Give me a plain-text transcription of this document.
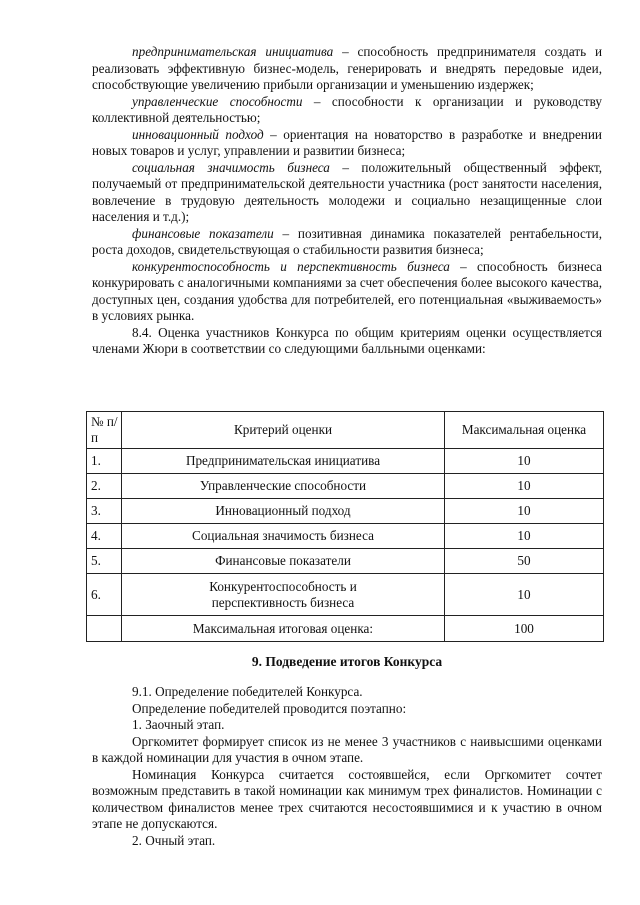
предпринимательская инициатива – способность предпринимателя создать и реализовать эффективную бизнес-модель, генерировать и внедрять передовые идеи, способствующие увеличению прибыли организации и уменьшению издержек;

управленческие способности – способности к организации и руководству коллективной деятельностью;

инновационный подход – ориентация на новаторство в разработке и внедрении новых товаров и услуг, управлении и развитии бизнеса;

социальная значимость бизнеса – положительный общественный эффект, получаемый от предпринимательской деятельности участника (рост занятости населения, вовлечение в трудовую деятельность молодежи и социально незащищенные слои населения и т.д.);

финансовые показатели – позитивная динамика показателей рентабельности, роста доходов, свидетельствующая о стабильности развития бизнеса;

конкурентоспособность и перспективность бизнеса – способность бизнеса конкурировать с аналогичными компаниями за счет обеспечения более высокого качества, доступных цен, создания удобства для потребителей, его потенциальная «выживаемость» в условиях рынка.

8.4. Оценка участников Конкурса по общим критериям оценки осуществляется членами Жюри в соответствии со следующими балльными оценками:

№ п/п	Критерий оценки	Максимальная оценка
1.	Предпринимательская инициатива	10
2.	Управленческие способности	10
3.	Инновационный подход	10
4.	Социальная значимость бизнеса	10
5.	Финансовые показатели	50
6.	Конкурентоспособность и перспективность бизнеса	10
	Максимальная итоговая оценка:	100
9. Подведение итогов Конкурса

9.1. Определение победителей Конкурса.

Определение победителей проводится поэтапно:

1. Заочный этап.

Оргкомитет формирует список из не менее 3 участников с наивысшими оценками в каждой номинации для участия в очном этапе.

Номинация Конкурса считается состоявшейся, если Оргкомитет сочтет возможным представить в такой номинации как минимум трех финалистов. Номинации с количеством финалистов менее трех считаются несостоявшимися и к участию в очном этапе не допускаются.

2. Очный этап.
